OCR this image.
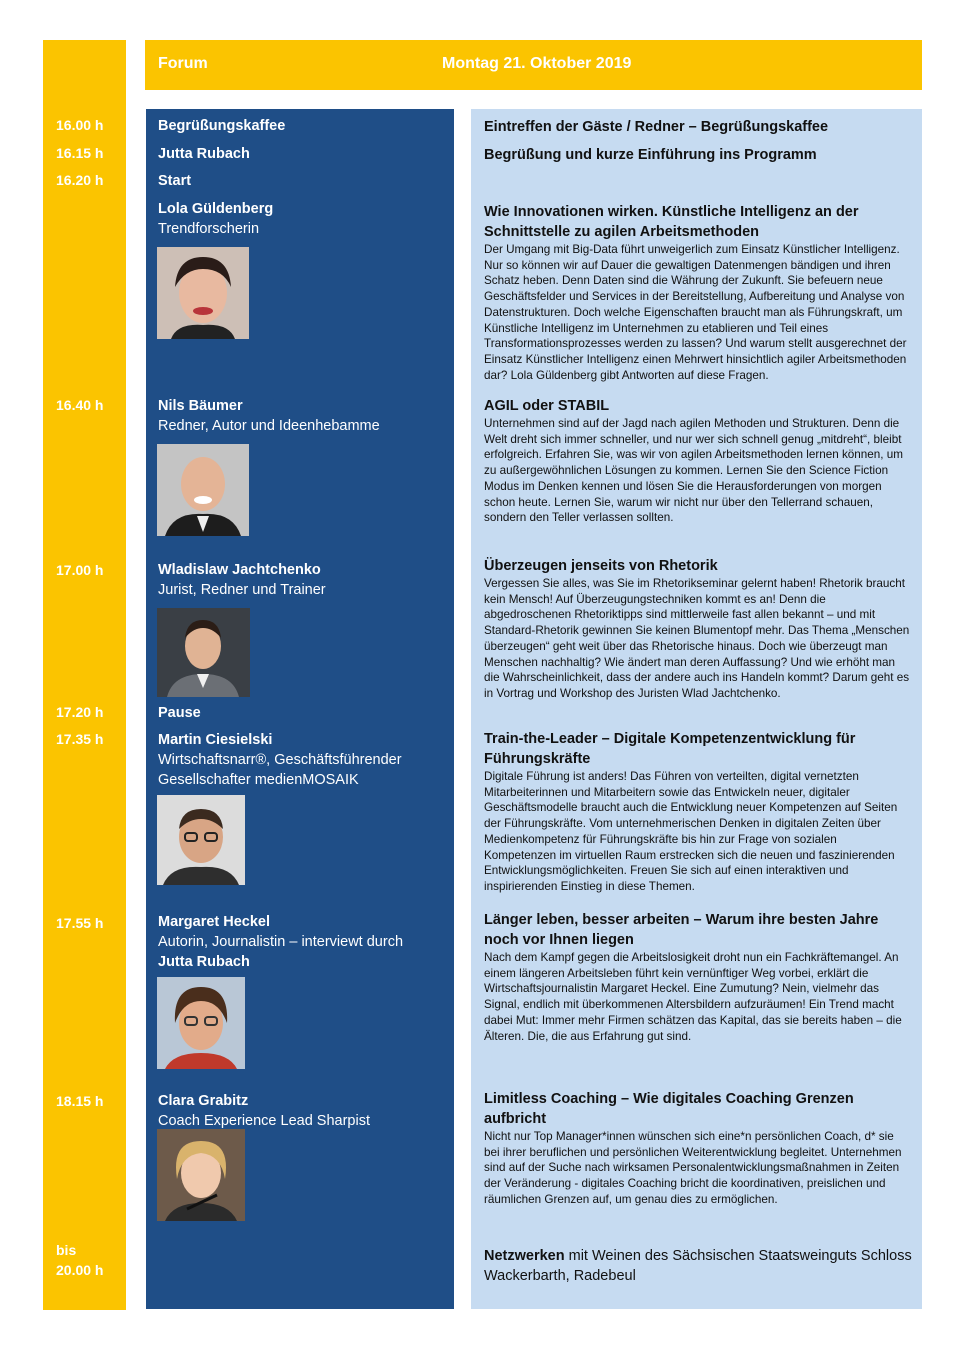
Forum	Montag 21. Oktober 2019
16.00 h
16.15 h
16.20 h
16.40 h
17.00 h
17.20 h
17.35 h
17.55 h
18.15 h
bis
20.00 h
Begrüßungskaffee
Jutta Rubach
Start
Lola Güldenberg
Trendforscherin
Nils Bäumer
Redner, Autor und Ideenhebamme
Wladislaw Jachtchenko
Jurist, Redner und Trainer
Pause
Martin Ciesielski
Wirtschaftsnarr®, Geschäftsführender
Gesellschafter medienMOSAIK
Margaret Heckel
Autorin, Journalistin – interviewt durch
Jutta Rubach
Clara Grabitz
Coach Experience Lead Sharpist
Eintreffen der Gäste / Redner – Begrüßungskaffee
Begrüßung und kurze Einführung ins Programm
Wie Innovationen wirken. Künstliche Intelligenz an der Schnittstelle zu agilen Arbeitsmethoden
Der Umgang mit Big-Data führt unweigerlich zum Einsatz Künstlicher Intelligenz. Nur so können wir auf Dauer die gewaltigen Datenmengen bändigen und ihren Schatz heben. Denn Daten sind die Währung der Zukunft. Sie befeuern neue Geschäftsfelder und Services in der Bereitstellung, Aufbereitung und Analyse von Datenstrukturen. Doch welche Eigenschaften braucht man als Führungskraft, um Künstliche Intelligenz im Unternehmen zu etablieren und Teil eines Transformationsprozesses werden zu lassen? Und warum stellt ausgerechnet der Einsatz Künstlicher Intelligenz einen Mehrwert hinsichtlich agiler Arbeitsmethoden dar? Lola Güldenberg gibt Antworten auf diese Fragen.
AGIL oder STABIL
Unternehmen sind auf der Jagd nach agilen Methoden und Strukturen. Denn die Welt dreht sich immer schneller, und nur wer sich schnell genug „mitdreht“, bleibt erfolgreich. Erfahren Sie, was wir von agilen Arbeitsmethoden lernen können, um zu außergewöhnlichen Lösungen zu kommen. Lernen Sie den Science Fiction Modus im Denken kennen und lösen Sie die Herausforderungen von morgen schon heute. Lernen Sie, warum wir nicht nur über den Tellerrand schauen, sondern den Teller verlassen sollten.
Überzeugen jenseits von Rhetorik
Vergessen Sie alles, was Sie im Rhetorikseminar gelernt haben! Rhetorik braucht kein Mensch! Auf Überzeugungstechniken kommt es an! Denn die abgedroschenen Rhetoriktipps sind mittlerweile fast allen bekannt – und mit Standard-Rhetorik gewinnen Sie keinen Blumentopf mehr. Das Thema „Menschen überzeugen“ geht weit über das Rhetorische hinaus. Doch wie überzeugt man Menschen nachhaltig? Wie ändert man deren Auffassung? Und wie erhöht man die Wahrscheinlichkeit, dass der andere auch ins Handeln kommt? Darum geht es in Vortrag und Workshop des Juristen Wlad Jachtchenko.
Train-the-Leader – Digitale Kompetenzentwicklung für Führungskräfte
Digitale Führung ist anders! Das Führen von verteilten, digital vernetzten Mitarbeiterinnen und Mitarbeitern sowie das Entwickeln neuer, digitaler Geschäftsmodelle braucht auch die Entwicklung neuer Kompetenzen auf Seiten der Führungskräfte. Vom unternehmerischen Denken in digitalen Zeiten über Medienkompetenz für Führungskräfte bis hin zur Frage von sozialen Kompetenzen im virtuellen Raum erstrecken sich die neuen und faszinierenden Entwicklungsmöglichkeiten. Freuen Sie sich auf einen interaktiven und inspirierenden Einstieg in diese Themen.
Länger leben, besser arbeiten – Warum ihre besten Jahre noch vor Ihnen liegen
Nach dem Kampf gegen die Arbeitslosigkeit droht nun ein Fachkräftemangel. An einem längeren Arbeitsleben führt kein vernünftiger Weg vorbei, erklärt die Wirtschaftsjournalistin Margaret Heckel. Eine Zumutung? Nein, vielmehr das Signal, endlich mit überkommenen Altersbildern aufzuräumen! Ein Trend macht dabei Mut: Immer mehr Firmen schätzen das Kapital, das sie bereits haben – die Älteren. Die, die aus Erfahrung gut sind.
Limitless Coaching – Wie digitales Coaching Grenzen aufbricht
Nicht nur Top Manager*innen wünschen sich eine*n persönlichen Coach, d* sie bei ihrer beruflichen und persönlichen Weiterentwicklung begleitet. Unternehmen sind auf der Suche nach wirksamen Personalentwicklungsmaßnahmen in Zeiten der Veränderung - digitales Coaching bricht die koordinativen, preislichen und räumlichen Grenzen auf, um genau dies zu ermöglichen.
Netzwerken mit Weinen des Sächsischen Staatsweinguts Schloss Wackerbarth, Radebeul
